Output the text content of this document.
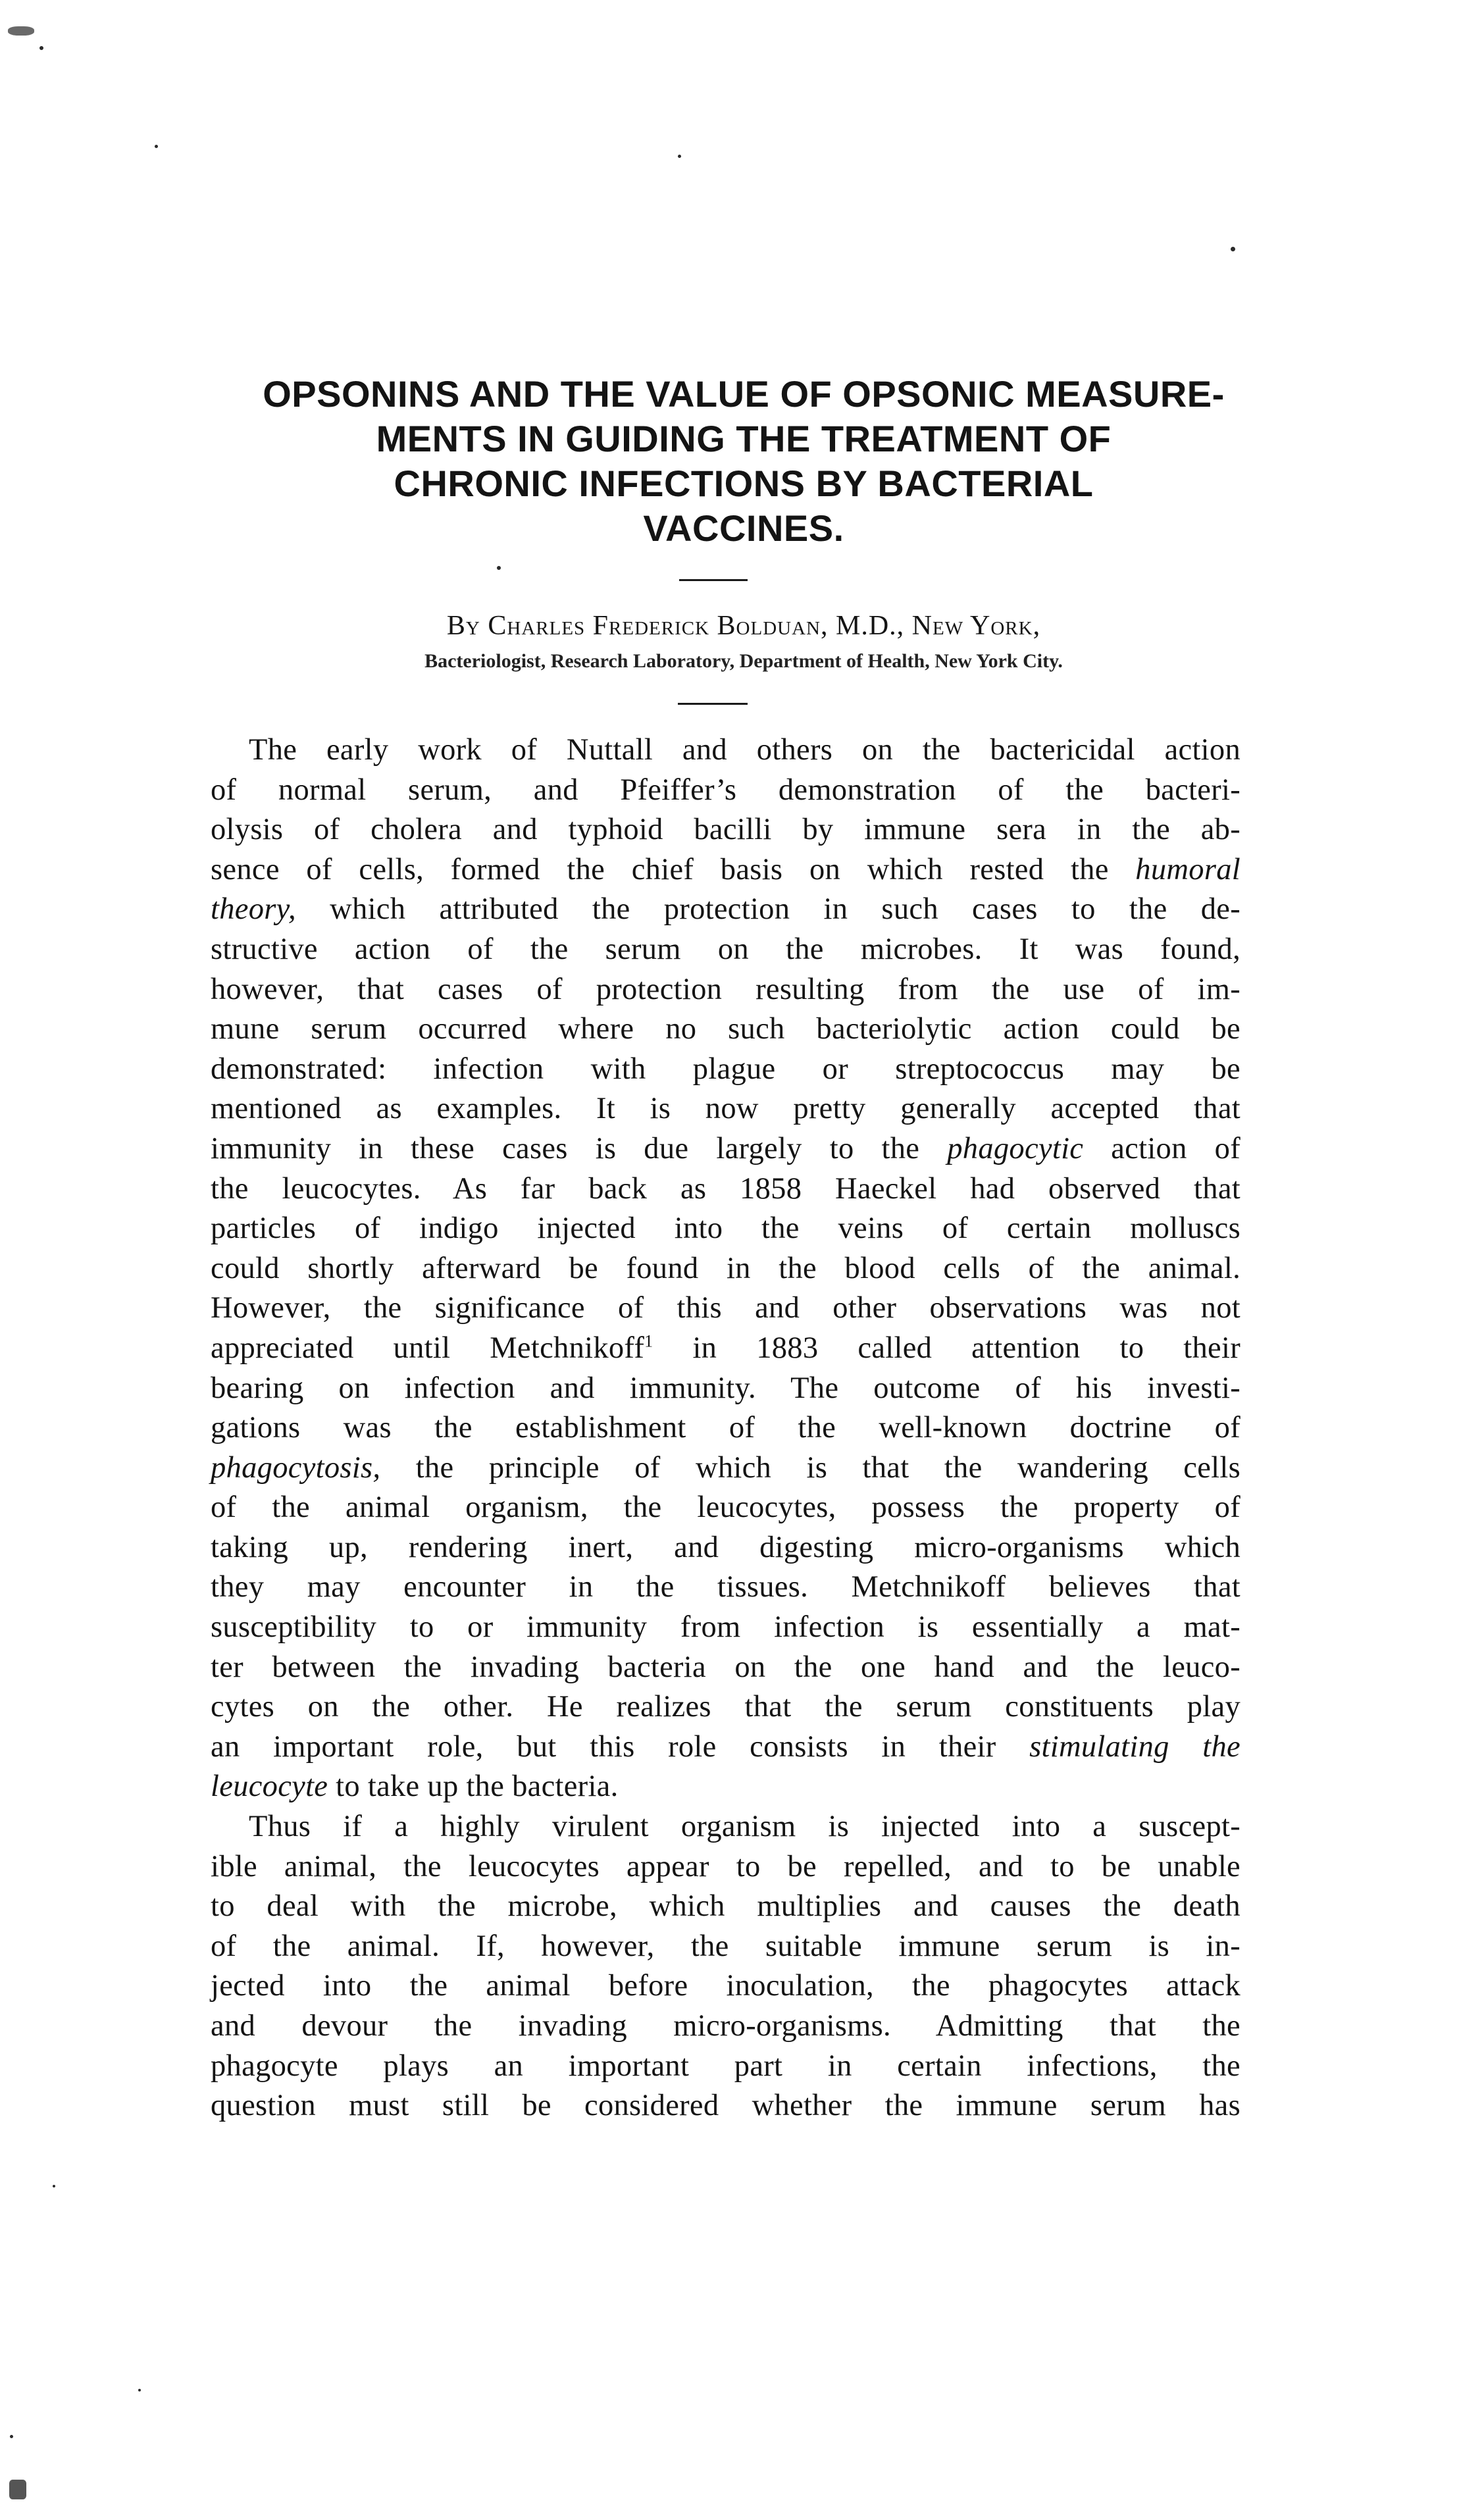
OPSONINS AND THE VALUE OF OPSONIC MEASURE-
MENTS IN GUIDING THE TREATMENT OF
CHRONIC INFECTIONS BY BACTERIAL
VACCINES.
By Charles Frederick Bolduan, M.D., New York,
Bacteriologist, Research Laboratory, Department of Health, New York City.
The early work of Nuttall and others on the bactericidal action
of normal serum, and Pfeiffer’s demonstration of the bacteri-
olysis of cholera and typhoid bacilli by immune sera in the ab-
sence of cells, formed the chief basis on which rested the humoral
theory, which attributed the protection in such cases to the de-
structive action of the serum on the microbes. It was found,
however, that cases of protection resulting from the use of im-
mune serum occurred where no such bacteriolytic action could be
demonstrated: infection with plague or streptococcus may be
mentioned as examples. It is now pretty generally accepted that
immunity in these cases is due largely to the phagocytic action of
the leucocytes. As far back as 1858 Haeckel had observed that
particles of indigo injected into the veins of certain molluscs
could shortly afterward be found in the blood cells of the animal.
However, the significance of this and other observations was not
appreciated until Metchnikoff$^1$ in 1883 called attention to their
bearing on infection and immunity. The outcome of his investi-
gations was the establishment of the well-known doctrine of
phagocytosis, the principle of which is that the wandering cells
of the animal organism, the leucocytes, possess the property of
taking up, rendering inert, and digesting micro-organisms which
they may encounter in the tissues. Metchnikoff believes that
susceptibility to or immunity from infection is essentially a mat-
ter between the invading bacteria on the one hand and the leuco-
cytes on the other. He realizes that the serum constituents play
an important role, but this role consists in their stimulating the
leucocyte to take up the bacteria.
Thus if a highly virulent organism is injected into a suscept-
ible animal, the leucocytes appear to be repelled, and to be unable
to deal with the microbe, which multiplies and causes the death
of the animal. If, however, the suitable immune serum is in-
jected into the animal before inoculation, the phagocytes attack
and devour the invading micro-organisms. Admitting that the
phagocyte plays an important part in certain infections, the
question must still be considered whether the immune serum has
